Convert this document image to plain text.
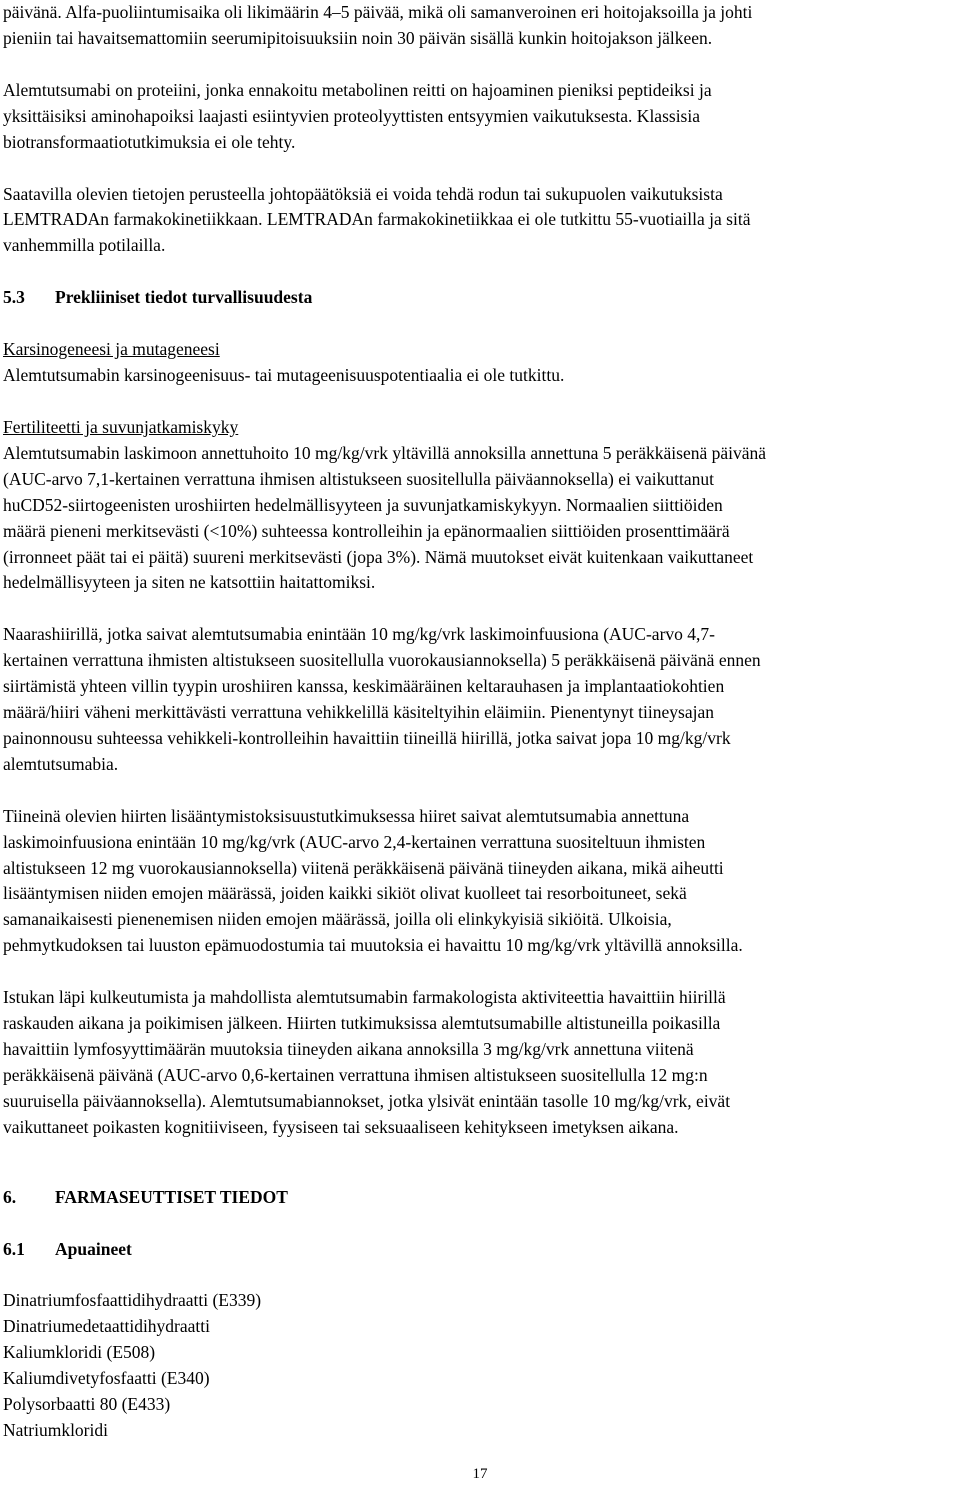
päivänä. Alfa-puoliintumisaika oli likimäärin 4–5 päivää, mikä oli samanveroinen eri hoitojaksoilla ja johti
pieniin tai havaitsemattomiin seerumipitoisuuksiin noin 30 päivän sisällä kunkin hoitojakson jälkeen.

Alemtutsumabi on proteiini, jonka ennakoitu metabolinen reitti on hajoaminen pieniksi peptideiksi ja
yksittäisiksi aminohapoiksi laajasti esiintyvien proteolyyttisten entsyymien vaikutuksesta. Klassisia
biotransformaatiotutkimuksia ei ole tehty.

Saatavilla olevien tietojen perusteella johtopäätöksiä ei voida tehdä rodun tai sukupuolen vaikutuksista
LEMTRADAn farmakokinetiikkaan. LEMTRADAn farmakokinetiikkaa ei ole tutkittu 55-vuotiailla ja sitä
vanhemmilla potilailla.

5.3 Prekliiniset tiedot turvallisuudesta

Karsinogeneesi ja mutageneesi
Alemtutsumabin karsinogeenisuus- tai mutageenisuuspotentiaalia ei ole tutkittu.

Fertiliteetti ja suvunjatkamiskyky
Alemtutsumabin laskimoon annettuhoito 10 mg/kg/vrk yltävillä annoksilla annettuna 5 peräkkäisenä päivänä
(AUC-arvo 7,1-kertainen verrattuna ihmisen altistukseen suositellulla päiväannoksella) ei vaikuttanut
huCD52-siirtogeenisten uroshiirten hedelmällisyyteen ja suvunjatkamiskykyyn. Normaalien siittiöiden
määrä pieneni merkitsevästi (<10%) suhteessa kontrolleihin ja epänormaalien siittiöiden prosenttimäärä
(irronneet päät tai ei päitä) suureni merkitsevästi (jopa 3%). Nämä muutokset eivät kuitenkaan vaikuttaneet
hedelmällisyyteen ja siten ne katsottiin haitattomiksi.

Naarashiirillä, jotka saivat alemtutsumabia enintään 10 mg/kg/vrk laskimoinfuusiona (AUC-arvo 4,7-
kertainen verrattuna ihmisten altistukseen suositellulla vuorokausiannoksella) 5 peräkkäisenä päivänä ennen
siirtämistä yhteen villin tyypin uroshiiren kanssa, keskimääräinen keltarauhasen ja implantaatiokohtien
määrä/hiiri väheni merkittävästi verrattuna vehikkelillä käsiteltyihin eläimiin. Pienentynyt tiineysajan
painonnousu suhteessa vehikkeli-kontrolleihin havaittiin tiineillä hiirillä, jotka saivat jopa 10 mg/kg/vrk
alemtutsumabia.

Tiineinä olevien hiirten lisääntymistoksisuustutkimuksessa hiiret saivat alemtutsumabia annettuna
laskimoinfuusiona enintään 10 mg/kg/vrk (AUC-arvo 2,4-kertainen verrattuna suositeltuun ihmisten
altistukseen 12 mg vuorokausiannoksella) viitenä peräkkäisenä päivänä tiineyden aikana, mikä aiheutti
lisääntymisen niiden emojen määrässä, joiden kaikki sikiöt olivat kuolleet tai resorboituneet, sekä
samanaikaisesti pienenemisen niiden emojen määrässä, joilla oli elinkykyisiä sikiöitä. Ulkoisia,
pehmytkudoksen tai luuston epämuodostumia tai muutoksia ei havaittu 10 mg/kg/vrk yltävillä annoksilla.

Istukan läpi kulkeutumista ja mahdollista alemtutsumabin farmakologista aktiviteettia havaittiin hiirillä
raskauden aikana ja poikimisen jälkeen. Hiirten tutkimuksissa alemtutsumabille altistuneilla poikasilla
havaittiin lymfosyyttimäärän muutoksia tiineyden aikana annoksilla 3 mg/kg/vrk annettuna viitenä
peräkkäisenä päivänä (AUC-arvo 0,6-kertainen verrattuna ihmisen altistukseen suositellulla 12 mg:n
suuruisella päiväannoksella). Alemtutsumabiannokset, jotka ylsivät enintään tasolle 10 mg/kg/vrk, eivät
vaikuttaneet poikasten kognitiiviseen, fyysiseen tai seksuaaliseen kehitykseen imetyksen aikana.

6. FARMASEUTTISET TIEDOT

6.1 Apuaineet

Dinatriumfosfaattidihydraatti (E339)
Dinatriumedetaattidihydraatti
Kaliumkloridi (E508)
Kaliumdivetyfosfaatti (E340)
Polysorbaatti 80 (E433)
Natriumkloridi

17
